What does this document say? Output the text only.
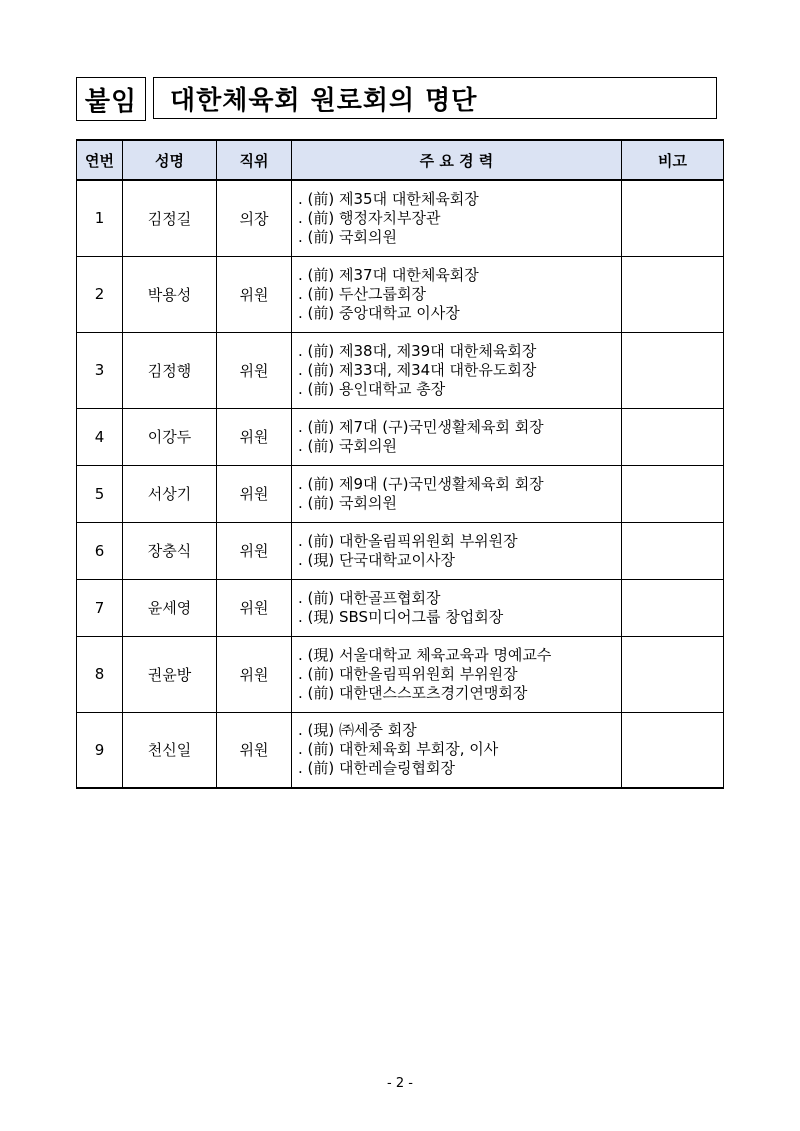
붙임	대한체육회 원로회의 명단
연번	성명	직위	주 요 경 력	비고
1	김정길	의장	. (前) 제35대 대한체육회장
. (前) 행정자치부장관
. (前) 국회의원	

2	박용성	위원	. (前) 제37대 대한체육회장
. (前) 두산그룹회장
. (前) 중앙대학교 이사장	

3	김정행	위원	. (前) 제38대, 제39대 대한체육회장
. (前) 제33대, 제34대 대한유도회장
. (前) 용인대학교 총장	

4	이강두	위원	. (前) 제7대 (구)국민생활체육회 회장
. (前) 국회의원	

5	서상기	위원	. (前) 제9대 (구)국민생활체육회 회장
. (前) 국회의원	

6	장충식	위원	. (前) 대한올림픽위원회 부위원장
. (現) 단국대학교이사장	

7	윤세영	위원	. (前) 대한골프협회장
. (現) SBS미디어그룹 창업회장	

8	권윤방	위원	. (現) 서울대학교 체육교육과 명예교수
. (前) 대한올림픽위원회 부위원장
. (前) 대한댄스스포츠경기연맹회장	

9	천신일	위원	. (現) ㈜세중 회장
. (前) 대한체육회 부회장, 이사
. (前) 대한레슬링협회장	

- 2 -
